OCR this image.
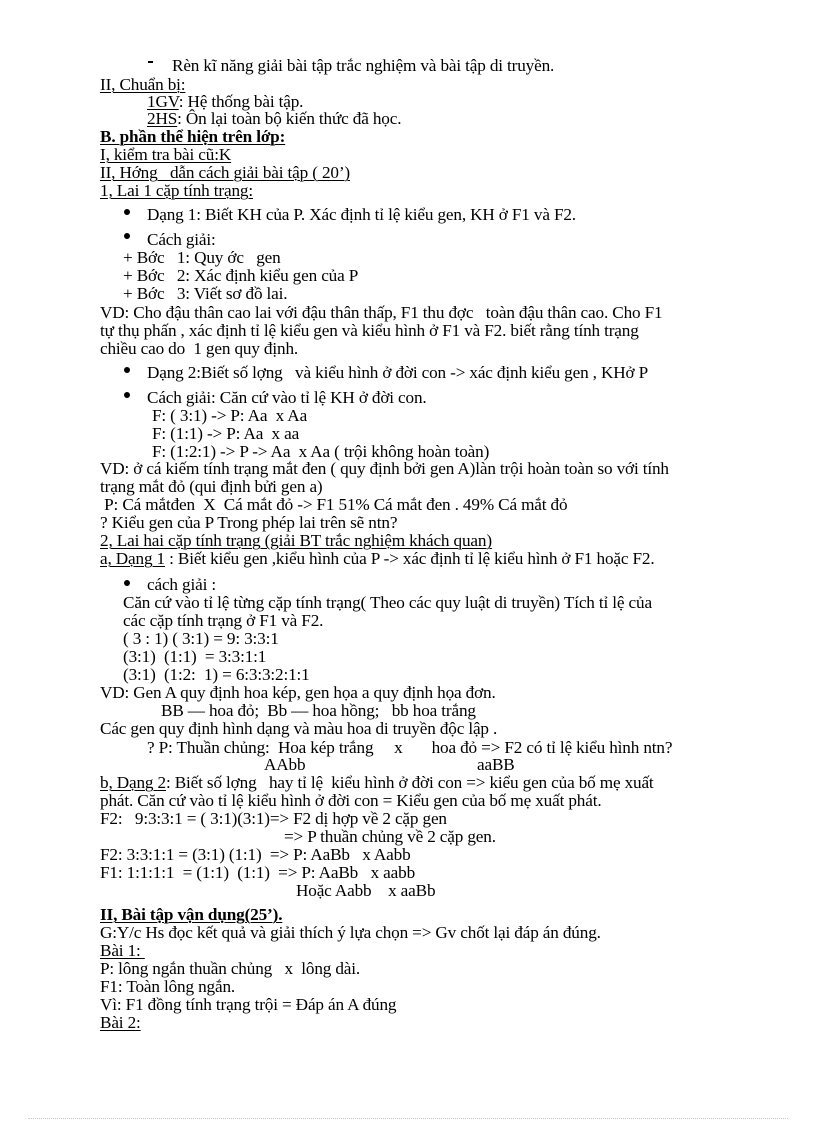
Rèn kĩ năng giải bài tập trắc nghiệm và bài tập di truyền.
II, Chuẩn bị:
1GV: Hệ thống bài tập.
2HS: Ôn lại toàn bộ kiến thức đã học.
B. phần thể hiện trên lớp:
I, kiểm tra bài cũ:K
II, Hớng   dẫn cách giải bài tập ( 20’)
1, Lai 1 cặp tính trạng:
Dạng 1: Biết KH của P. Xác định tỉ lệ kiểu gen, KH ở F1 và F2.
Cách giải:
+ Bớc   1: Quy ớc   gen
+ Bớc   2: Xác định kiểu gen của P
+ Bớc   3: Viết sơ đồ lai.
VD: Cho đậu thân cao lai với đậu thân thấp, F1 thu đợc   toàn đậu thân cao. Cho F1
tự thụ phấn , xác định tỉ lệ kiểu gen và kiểu hình ở F1 và F2. biết rằng tính trạng
chiều cao do  1 gen quy định.
Dạng 2:Biết số lợng   và kiểu hình ở đời con -> xác định kiểu gen , KHở P
Cách giải: Căn cứ vào tỉ lệ KH ở đời con.
F: ( 3:1) -> P: Aa  x Aa
F: (1:1) -> P: Aa  x aa
F: (1:2:1) -> P -> Aa  x Aa ( trội không hoàn toàn)
VD: ở cá kiếm tính trạng mắt đen ( quy định bởi gen A)làn trội hoàn toàn so với tính
trạng mắt đỏ (qui định bửi gen a)
P: Cá mắtđen  X  Cá mắt đỏ -> F1 51% Cá mắt đen . 49% Cá mắt đỏ
? Kiểu gen của P Trong phép lai trên sẽ ntn?
2, Lai hai cặp tính trạng (giải BT trắc nghiệm khách quan)
a, Dạng 1 : Biết kiểu gen ,kiểu hình của P -> xác định tỉ lệ kiểu hình ở F1 hoặc F2.
cách giải :
Căn cứ vào tỉ lệ từng cặp tính trạng( Theo các quy luật di truyền) Tích tỉ lệ của
các cặp tính trạng ở F1 và F2.
( 3 : 1) ( 3:1) = 9: 3:3:1
(3:1)  (1:1)  = 3:3:1:1
(3:1)  (1:2:  1) = 6:3:3:2:1:1
VD: Gen A quy định hoa kép, gen họa a quy định họa đơn.
BB — hoa đỏ;  Bb — hoa hồng;   bb hoa trắng
Các gen quy định hình dạng và màu hoa di truyền độc lập .
? P: Thuần chủng:  Hoa kép trắng     x       hoa đỏ => F2 có tỉ lệ kiểu hình ntn?
AAbb	aaBB
b, Dạng 2: Biết số lợng   hay tỉ lệ  kiểu hình ở đời con => kiểu gen của bố mẹ xuất
phát. Căn cứ vào tỉ lệ kiểu hình ở đời con = Kiểu gen của bố mẹ xuất phát.
F2:   9:3:3:1 = ( 3:1)(3:1)=> F2 dị hợp về 2 cặp gen
=> P thuần chủng về 2 cặp gen.
F2: 3:3:1:1 = (3:1) (1:1)  => P: AaBb   x Aabb
F1: 1:1:1:1  = (1:1)  (1:1)  => P: AaBb   x aabb
Hoặc Aabb    x aaBb
II, Bài tập vận dụng(25’).
G:Y/c Hs đọc kết quả và giải thích ý lựa chọn => Gv chốt lại đáp án đúng.
Bài 1:
P: lông ngắn thuần chủng   x  lông dài.
F1: Toàn lông ngắn.
Vì: F1 đồng tính trạng trội = Đáp án A đúng
Bài 2:
